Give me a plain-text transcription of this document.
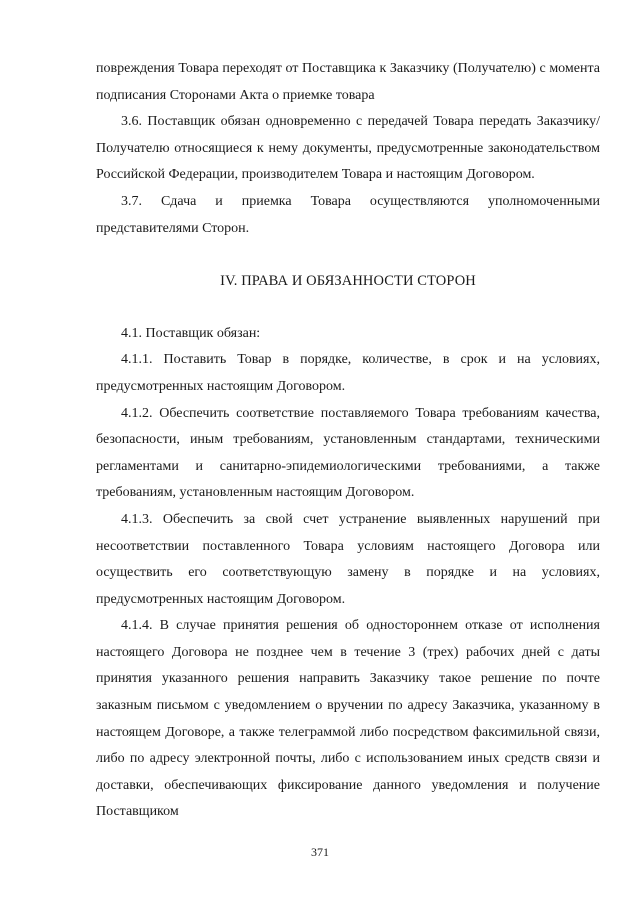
повреждения Товара переходят от Поставщика к Заказчику (Получателю) с момента подписания Сторонами Акта о приемке товара

3.6. Поставщик обязан одновременно с передачей Товара передать Заказчику/Получателю относящиеся к нему документы, предусмотренные законодательством Российской Федерации, производителем Товара и настоящим Договором.

3.7. Сдача и приемка Товара осуществляются уполномоченными представителями Сторон.

IV. ПРАВА И ОБЯЗАННОСТИ СТОРОН

4.1. Поставщик обязан:

4.1.1. Поставить Товар в порядке, количестве, в срок и на условиях, предусмотренных настоящим Договором.

4.1.2. Обеспечить соответствие поставляемого Товара требованиям качества, безопасности, иным требованиям, установленным стандартами, техническими регламентами и санитарно-эпидемиологическими требованиями, а также требованиям, установленным настоящим Договором.

4.1.3. Обеспечить за свой счет устранение выявленных нарушений при несоответствии поставленного Товара условиям настоящего Договора или осуществить его соответствующую замену в порядке и на условиях, предусмотренных настоящим Договором.

4.1.4. В случае принятия решения об одностороннем отказе от исполнения настоящего Договора не позднее чем в течение 3 (трех) рабочих дней с даты принятия указанного решения направить Заказчику такое решение по почте заказным письмом с уведомлением о вручении по адресу Заказчика, указанному в настоящем Договоре, а также телеграммой либо посредством факсимильной связи, либо по адресу электронной почты, либо с использованием иных средств связи и доставки, обеспечивающих фиксирование данного уведомления и получение Поставщиком

371
